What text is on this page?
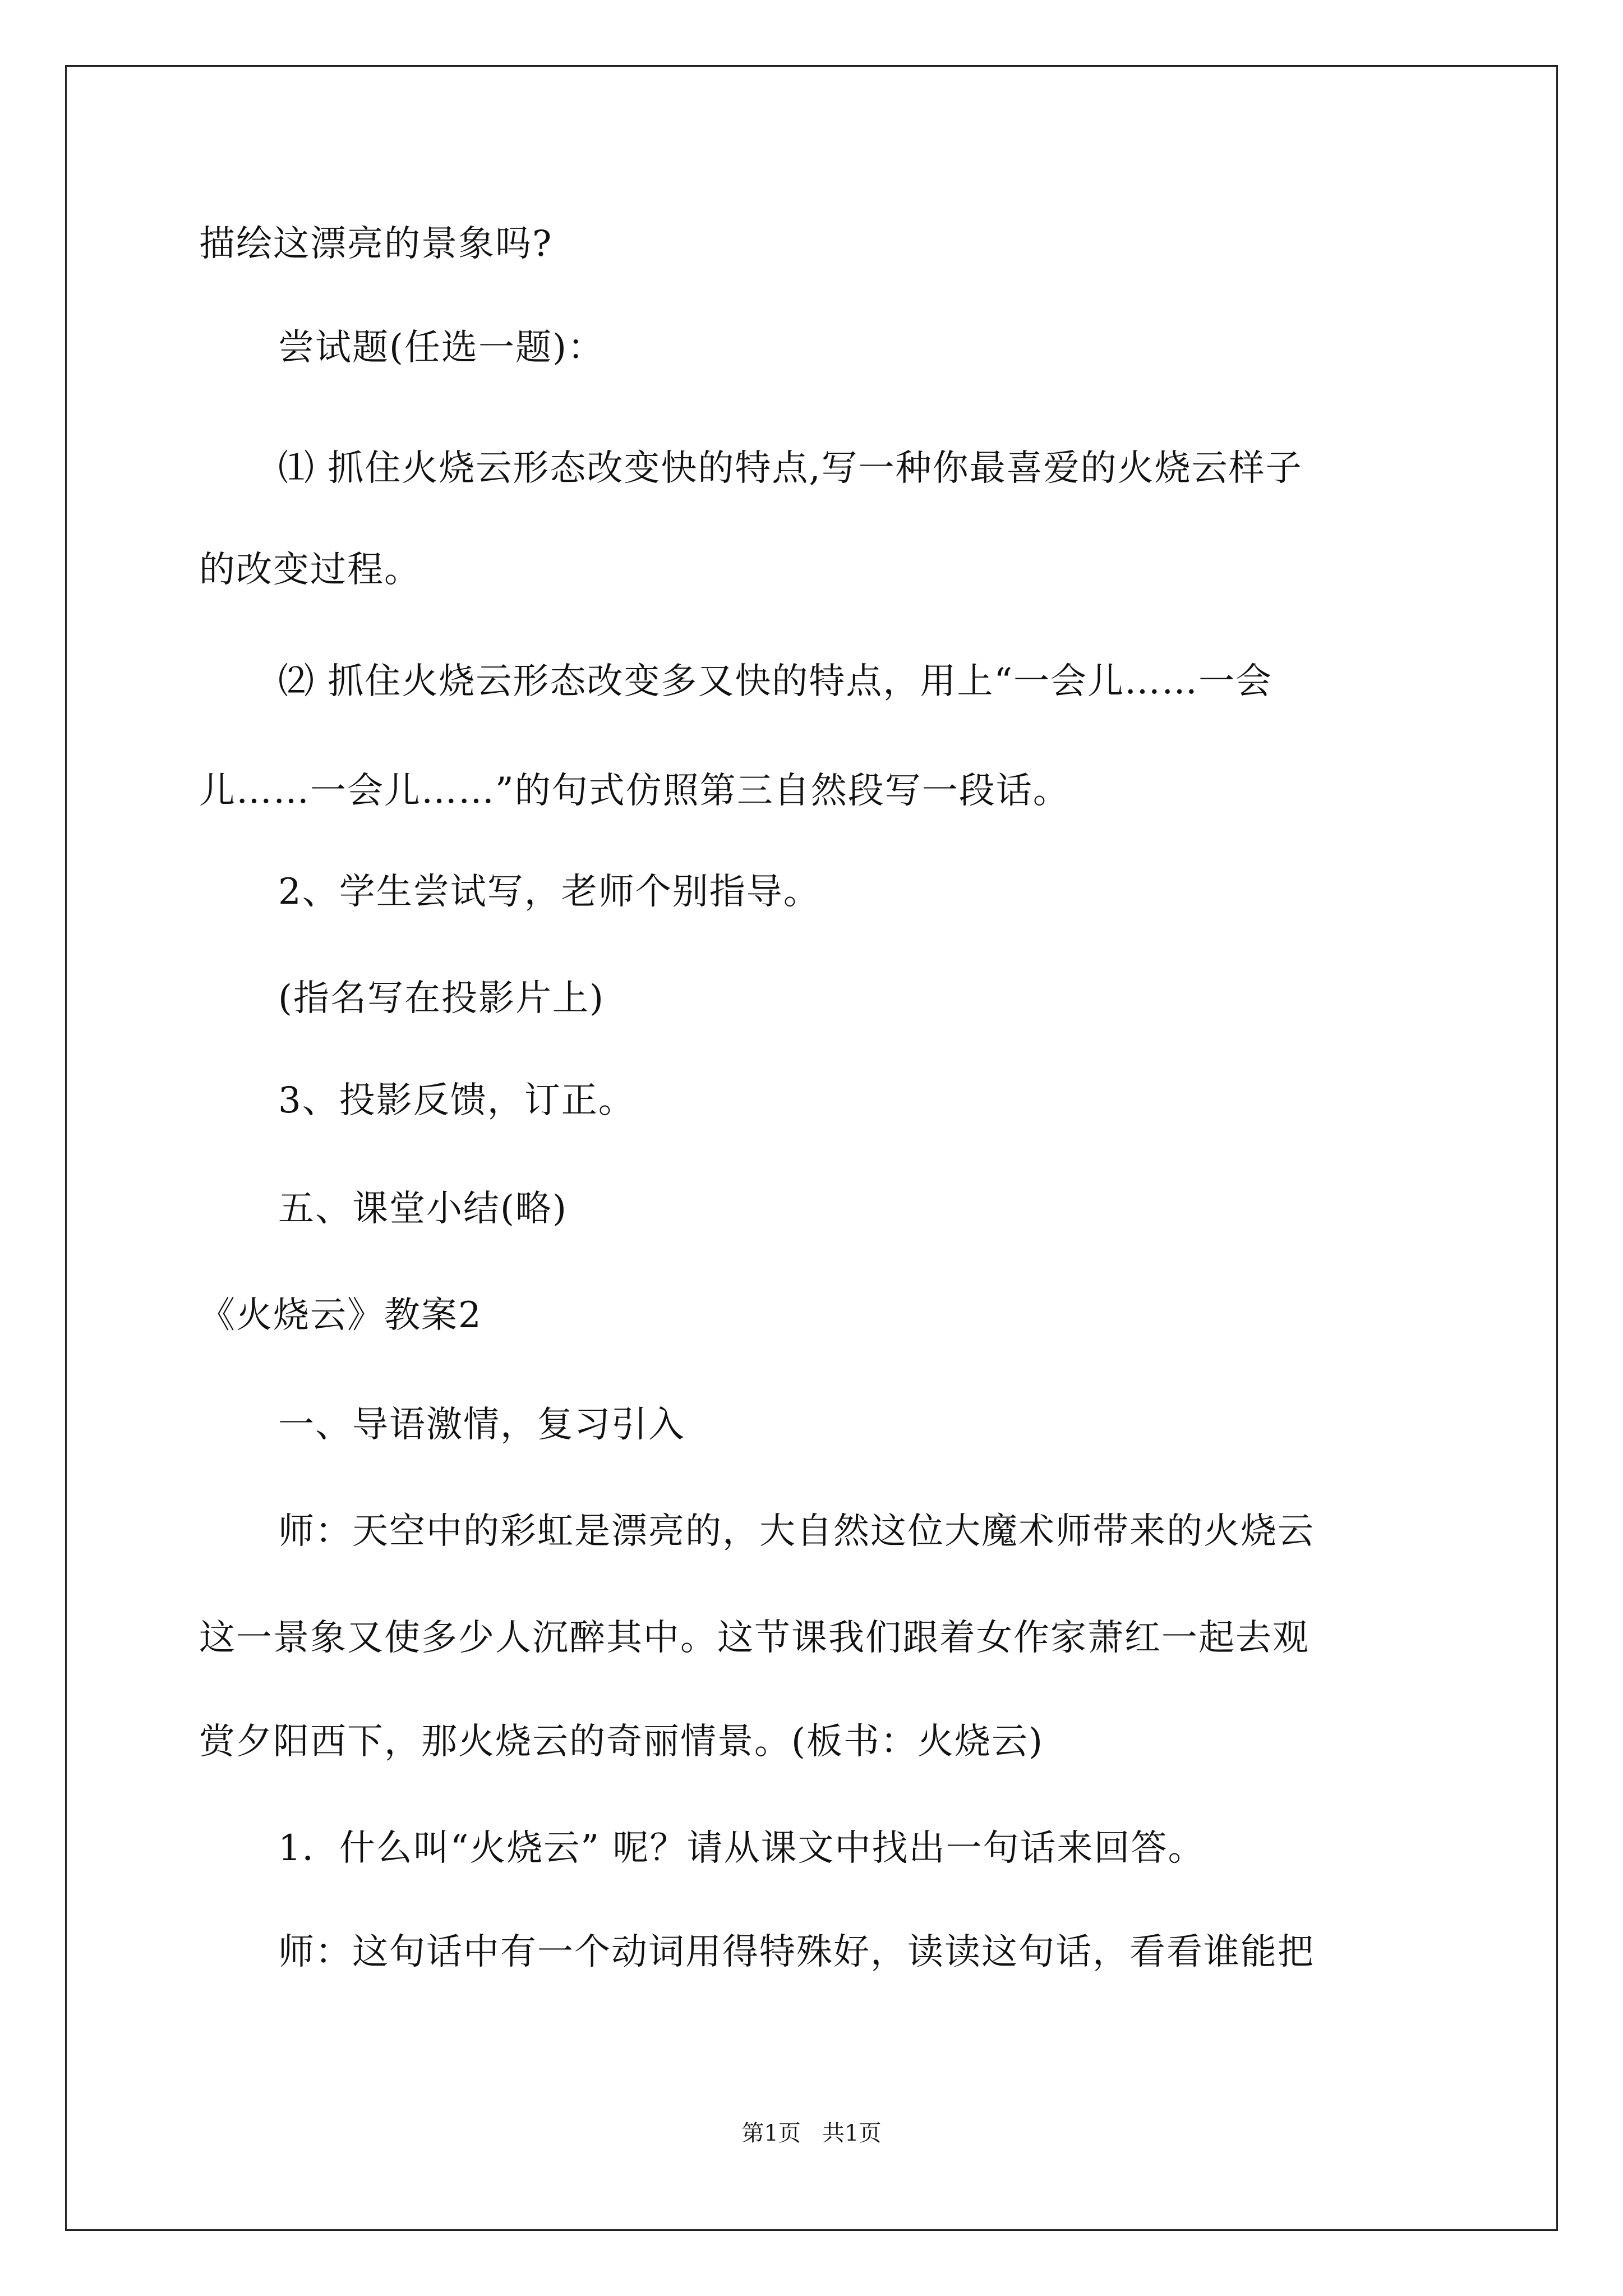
描绘这漂亮的景象吗?
尝试题(任选一题)：
⑴ 抓住火烧云形态改变快的特点,写一种你最喜爱的火烧云样子
的改变过程。
⑵ 抓住火烧云形态改变多又快的特点，用上“一会儿……一会
儿……一会儿……”的句式仿照第三自然段写一段话。
2、学生尝试写，老师个别指导。
(指名写在投影片上)
3、投影反馈，订正。
五、课堂小结(略)
《火烧云》教案2
一、导语激情，复习引入
师：天空中的彩虹是漂亮的，大自然这位大魔术师带来的火烧云
这一景象又使多少人沉醉其中。这节课我们跟着女作家萧红一起去观
赏夕阳西下，那火烧云的奇丽情景。(板书：火烧云)
1．什么叫“火烧云” 呢？请从课文中找出一句话来回答。
师：这句话中有一个动词用得特殊好，读读这句话，看看谁能把
第1页   共1页
